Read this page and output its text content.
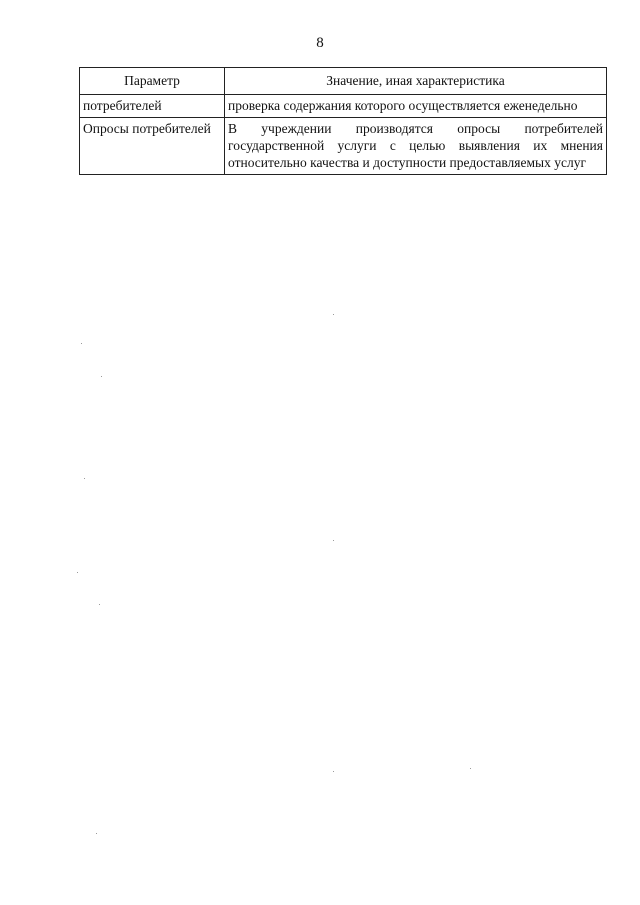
8
Параметр	Значение, иная характеристика
потребителей	проверка содержания которого осуществляется еженедельно
Опросы потребителей	В учреждении производятся опросы потребителей государственной услуги с целью выявления их мнения относительно качества и доступности предоставляемых услуг
